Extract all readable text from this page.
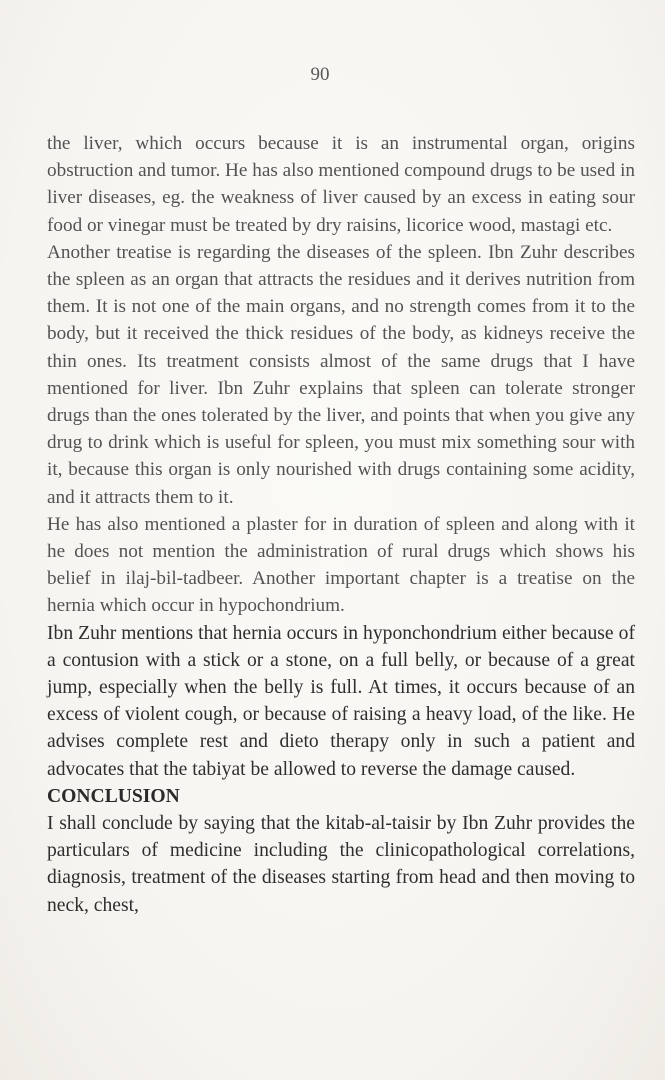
90

the liver, which occurs because it is an instrumental organ, origins obstruction and tumor. He has also mentioned compound drugs to be used in liver diseases, eg. the weakness of liver caused by an excess in eating sour food or vinegar must be treated by dry raisins, licorice wood, mastagi etc.

Another treatise is regarding the diseases of the spleen. Ibn Zuhr describes the spleen as an organ that attracts the residues and it derives nutrition from them. It is not one of the main organs, and no strength comes from it to the body, but it received the thick residues of the body, as kidneys receive the thin ones. Its treatment consists almost of the same drugs that I have mentioned for liver. Ibn Zuhr explains that spleen can tolerate stronger drugs than the ones tolerated by the liver, and points that when you give any drug to drink which is useful for spleen, you must mix something sour with it, because this organ is only nourished with drugs containing some acidity, and it attracts them to it.

He has also mentioned a plaster for in duration of spleen and along with it he does not mention the administration of rural drugs which shows his belief in ilaj-bil-tadbeer. Another important chapter is a treatise on the hernia which occur in hypochondrium.

Ibn Zuhr mentions that hernia occurs in hyponchondrium either because of a contusion with a stick or a stone, on a full belly, or because of a great jump, especially when the belly is full. At times, it occurs because of an excess of violent cough, or because of raising a heavy load, of the like. He advises complete rest and dieto therapy only in such a patient and advocates that the tabiyat be allowed to reverse the damage caused.

CONCLUSION

I shall conclude by saying that the kitab-al-taisir by Ibn Zuhr provides the particulars of medicine including the clinicopathological correlations, diagnosis, treatment of the diseases starting from head and then moving to neck, chest,
